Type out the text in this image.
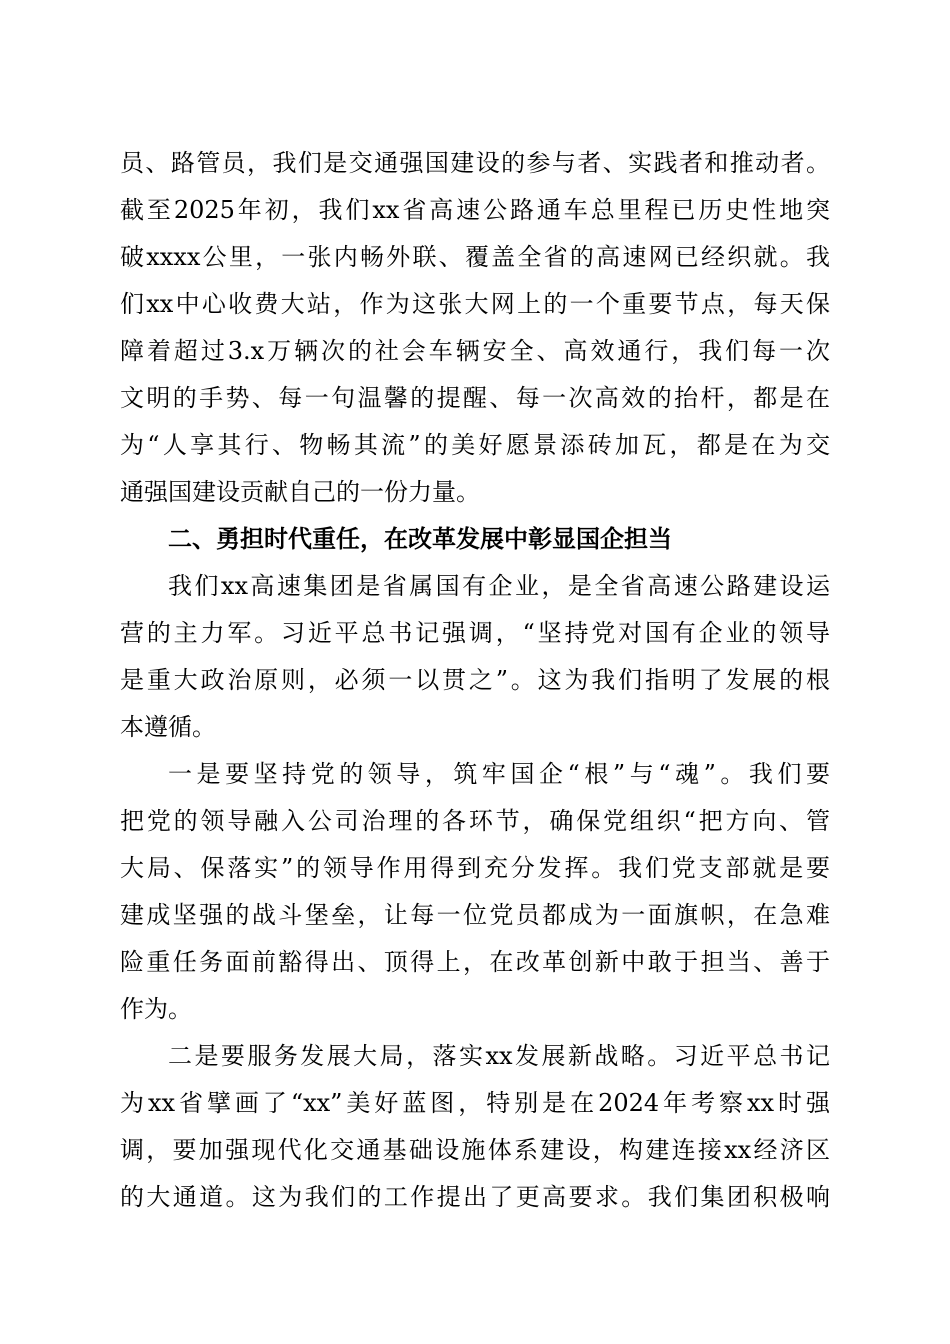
员、路管员，我们是交通强国建设的参与者、实践者和推动者。
截至2025年初，我们xx省高速公路通车总里程已历史性地突
破xxxx公里，一张内畅外联、覆盖全省的高速网已经织就。我
们xx中心收费大站，作为这张大网上的一个重要节点，每天保
障着超过3.x万辆次的社会车辆安全、高效通行，我们每一次
文明的手势、每一句温馨的提醒、每一次高效的抬杆，都是在
为“人享其行、物畅其流”的美好愿景添砖加瓦，都是在为交
通强国建设贡献自己的一份力量。
二、勇担时代重任，在改革发展中彰显国企担当
我们xx高速集团是省属国有企业，是全省高速公路建设运
营的主力军。习近平总书记强调，“坚持党对国有企业的领导
是重大政治原则，必须一以贯之”。这为我们指明了发展的根
本遵循。
一是要坚持党的领导，筑牢国企“根”与“魂”。我们要
把党的领导融入公司治理的各环节，确保党组织“把方向、管
大局、保落实”的领导作用得到充分发挥。我们党支部就是要
建成坚强的战斗堡垒，让每一位党员都成为一面旗帜，在急难
险重任务面前豁得出、顶得上，在改革创新中敢于担当、善于
作为。
二是要服务发展大局，落实xx发展新战略。习近平总书记
为xx省擘画了“xx”美好蓝图，特别是在2024年考察xx时强
调，要加强现代化交通基础设施体系建设，构建连接xx经济区
的大通道。这为我们的工作提出了更高要求。我们集团积极响
